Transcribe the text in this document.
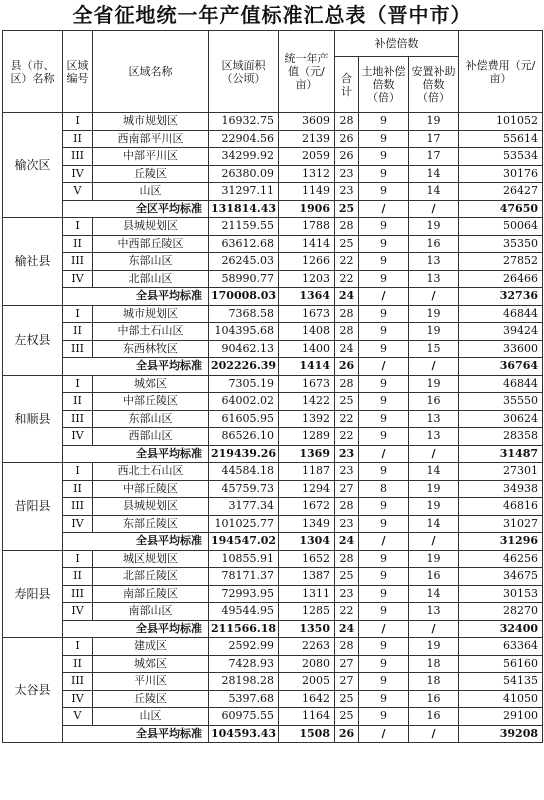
全省征地统一年产值标准汇总表（晋中市）
县（市、区）名称	区域编号	区域名称	区域面积（公顷）	统一年产值（元/亩）	补偿倍数			补偿费用（元/亩）
					合计	土地补偿倍数（倍）	安置补助倍数（倍）	
榆次区	I	城市规划区	16932.75	3609	28	9	19	101052
	II	西南部平川区	22904.56	2139	26	9	17	55614
	III	中部平川区	34299.92	2059	26	9	17	53534
	IV	丘陵区	26380.09	1312	23	9	14	30176
	V	山区	31297.11	1149	23	9	14	26427
	全区平均标准		131814.43	1906	25	/	/	47650
榆社县	I	县城规划区	21159.55	1788	28	9	19	50064
	II	中西部丘陵区	63612.68	1414	25	9	16	35350
	III	东部山区	26245.03	1266	22	9	13	27852
	IV	北部山区	58990.77	1203	22	9	13	26466
	全县平均标准		170008.03	1364	24	/	/	32736
左权县	I	城市规划区	7368.58	1673	28	9	19	46844
	II	中部土石山区	104395.68	1408	28	9	19	39424
	III	东西林牧区	90462.13	1400	24	9	15	33600
	全县平均标准		202226.39	1414	26	/	/	36764
和顺县	I	城郊区	7305.19	1673	28	9	19	46844
	II	中部丘陵区	64002.02	1422	25	9	16	35550
	III	东部山区	61605.95	1392	22	9	13	30624
	IV	西部山区	86526.10	1289	22	9	13	28358
	全县平均标准		219439.26	1369	23	/	/	31487
昔阳县	I	西北土石山区	44584.18	1187	23	9	14	27301
	II	中部丘陵区	45759.73	1294	27	8	19	34938
	III	县城规划区	3177.34	1672	28	9	19	46816
	IV	东部丘陵区	101025.77	1349	23	9	14	31027
	全县平均标准		194547.02	1304	24	/	/	31296
寿阳县	I	城区规划区	10855.91	1652	28	9	19	46256
	II	北部丘陵区	78171.37	1387	25	9	16	34675
	III	南部丘陵区	72993.95	1311	23	9	14	30153
	IV	南部山区	49544.95	1285	22	9	13	28270
	全县平均标准		211566.18	1350	24	/	/	32400
太谷县	I	建成区	2592.99	2263	28	9	19	63364
	II	城郊区	7428.93	2080	27	9	18	56160
	III	平川区	28198.28	2005	27	9	18	54135
	IV	丘陵区	5397.68	1642	25	9	16	41050
	V	山区	60975.55	1164	25	9	16	29100
	全县平均标准		104593.43	1508	26	/	/	39208
